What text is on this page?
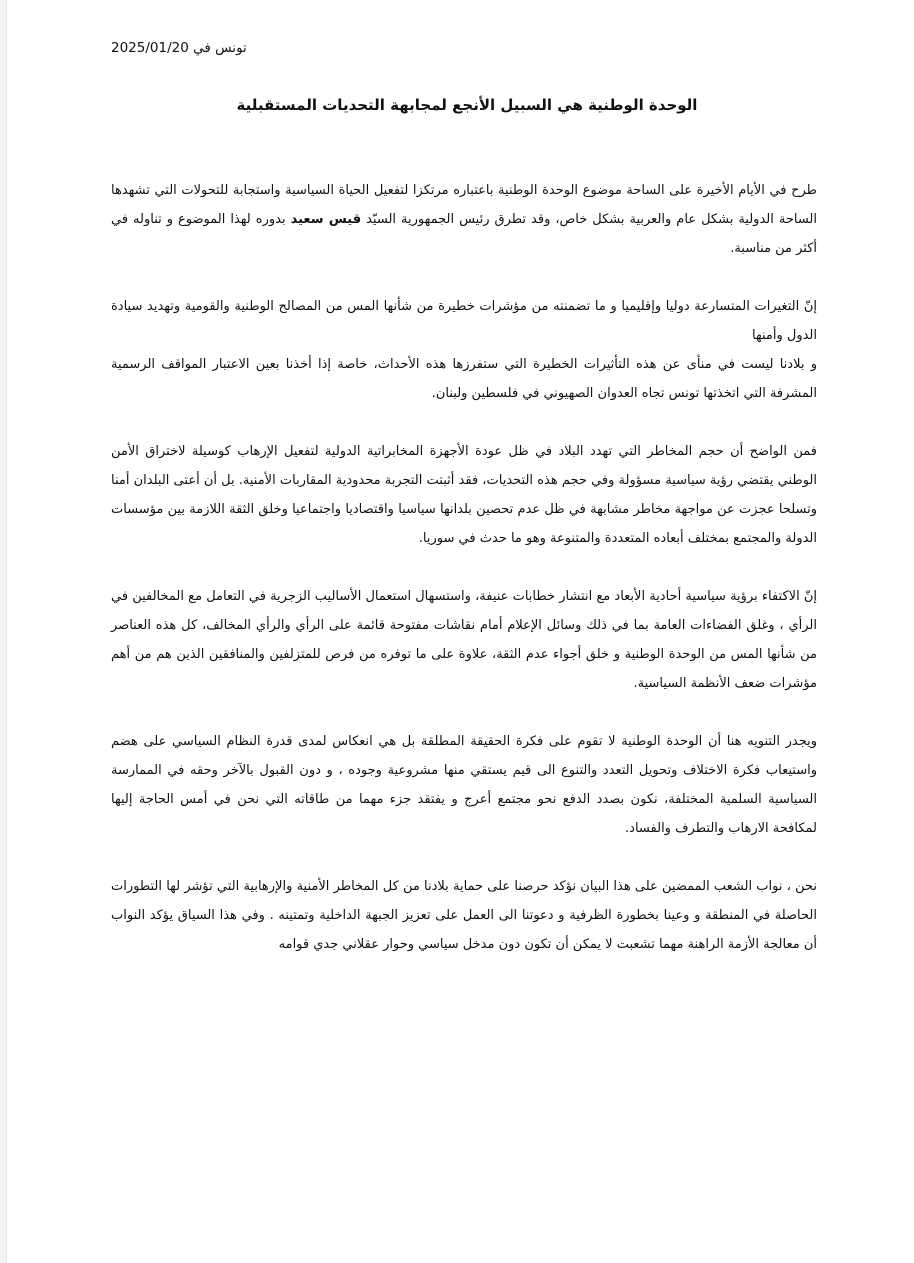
تونس في 2025/01/20
الوحدة الوطنية هي السبيل الأنجع لمجابهة التحديات المستقبلية

طرح في الأيام الأخيرة على الساحة موضوع الوحدة الوطنية باعتباره مرتكزا لتفعيل الحياة السياسية واستجابة للتحولات التي تشهدها الساحة الدولية بشكل عام والعربية بشكل خاص، وقد تطرق رئيس الجمهورية السيّد قيس سعيد بدوره لهذا الموضوع و تناوله في أكثر من مناسبة.

إنّ التغيرات المتسارعة دوليا وإقليميا و ما تضمنته من مؤشرات خطيرة من شأنها المس من المصالح الوطنية والقومية وتهديد سيادة الدول وأمنها

و بلادنا ليست في منأى عن هذه التأثيرات الخطيرة التي ستفرزها هذه الأحداث، خاصة إذا أخذنا بعين الاعتبار المواقف الرسمية المشرفة التي اتخذتها تونس تجاه العدوان الصهيوني في فلسطين ولبنان.

فمن الواضح أن حجم المخاطر التي تهدد البلاد في ظل عودة الأجهزة المخابراتية الدولية لتفعيل الإرهاب كوسيلة لاختراق الأمن الوطني يقتضي رؤية سياسية مسؤولة وفي حجم هذه التحديات، فقد أثبتت التجربة محدودية المقاربات الأمنية. بل أن أعتى البلدان أمنا وتسلحا عجزت عن مواجهة مخاطر مشابهة في ظل عدم تحصين بلدانها سياسيا واقتصاديا واجتماعيا وخلق الثقة اللازمة بين مؤسسات الدولة والمجتمع بمختلف أبعاده المتعددة والمتنوعة وهو ما حدث في سوريا.

إنّ الاكتفاء برؤية سياسية أحادية الأبعاد مع انتشار خطابات عنيفة، واستسهال استعمال الأساليب الزجرية في التعامل مع المخالفين في الرأي ، وغلق الفضاءات العامة بما في ذلك وسائل الإعلام أمام نقاشات مفتوحة قائمة على الرأي والرأي المخالف، كل هذه العناصر من شأنها المس من الوحدة الوطنية و خلق أجواء عدم الثقة، علاوة على ما توفره من فرص للمتزلفين والمنافقين الذين هم من أهم مؤشرات ضعف الأنظمة السياسية.

ويجدر التنويه هنا أن الوحدة الوطنية لا تقوم على فكرة الحقيقة المطلقة بل هي انعكاس لمدى قدرة النظام السياسي على هضم واستيعاب فكرة الاختلاف وتحويل التعدد والتنوع الى قيم يستقي منها مشروعية وجوده ، و دون القبول بالآخر وحقه في الممارسة السياسية السلمية المختلفة، نكون بصدد الدفع نحو مجتمع أعرج و يفتقد جزء مهما من طاقاته التي نحن في أمس الحاجة إليها لمكافحة الارهاب والتطرف والفساد.

نحن ، نواب الشعب الممضين على هذا البيان نؤكد حرصنا على حماية بلادنا من كل المخاطر الأمنية والإرهابية التي تؤشر لها التطورات الحاصلة في المنطقة و وعينا بخطورة الظرفية و دعوتنا الى العمل على تعزيز الجبهة الداخلية وتمتينه . وفي هذا السياق يؤكد النواب أن معالجة الأزمة الراهنة مهما تشعبت لا يمكن أن تكون دون مدخل سياسي وحوار عقلاني جدي قوامه
